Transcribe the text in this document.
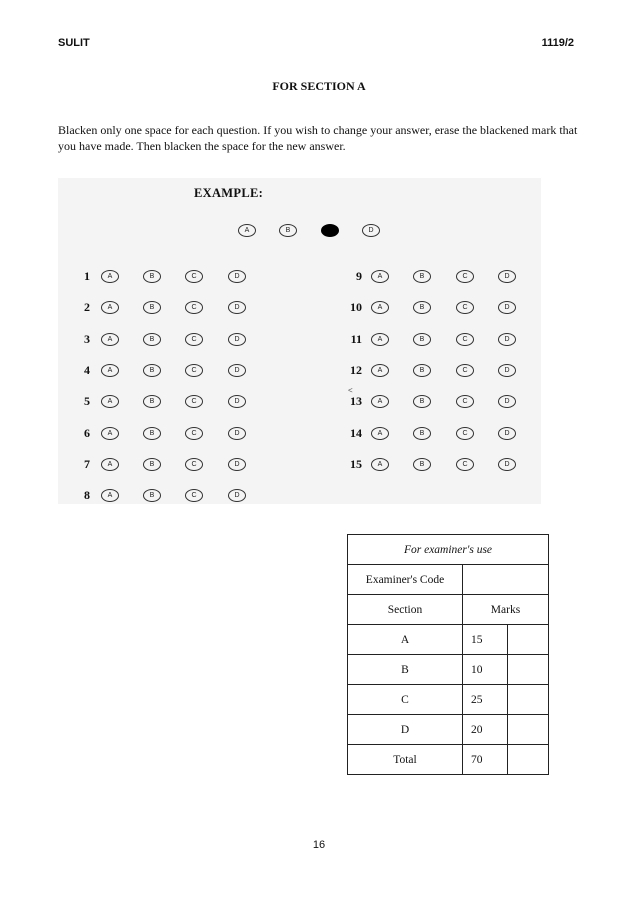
SULIT	1119/2
FOR SECTION A
Blacken only one space for each question. If you wish to change your answer, erase the blackened mark that you have made. Then blacken the space for the new answer.
EXAMPLE:
A	B	D
˂
1	A	B	C	D
2	A	B	C	D
3	A	B	C	D
4	A	B	C	D
5	A	B	C	D
6	A	B	C	D
7	A	B	C	D
8	A	B	C	D
9	A	B	C	D
10	A	B	C	D
11	A	B	C	D
12	A	B	C	D
13	A	B	C	D
14	A	B	C	D
15	A	B	C	D
For examiner's use		
Examiner's Code		
Section	Marks	
A	15	
B	10	
C	25	
D	20	
Total	70	
16
